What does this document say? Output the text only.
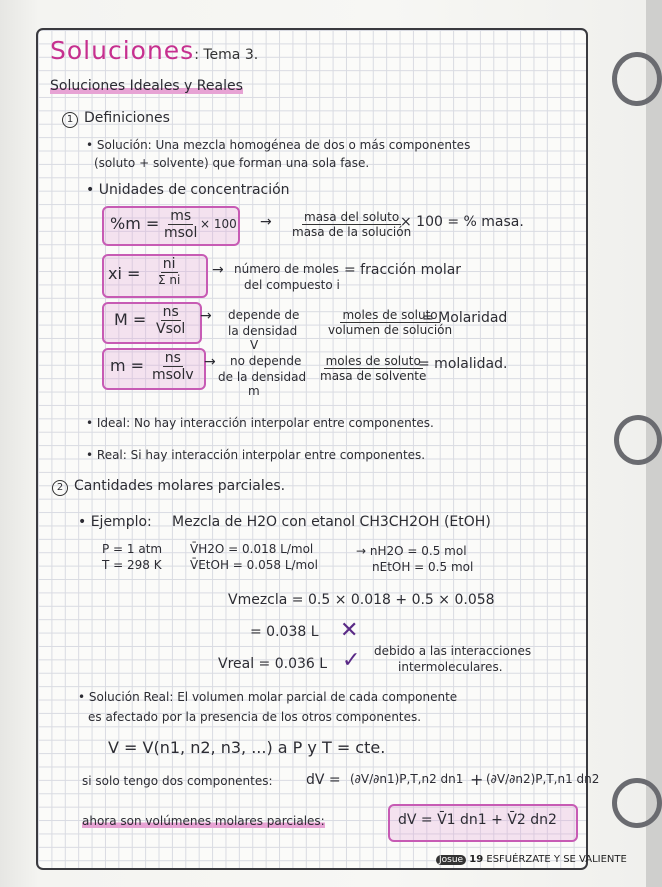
Soluciones: Tema 3.
Soluciones Ideales y Reales
1 Definiciones
• Solución: Una mezcla homogénea de dos o más componentes
(soluto + solvente) que forman una sola fase.
• Unidades de concentración
%m = ms
msol
× 100 →	masa del soluto
masa de la solución
× 100 = % masa.
xi = $\frac{ni}{\text{Σ ni}}$ → número de moles
del compuesto i
= fracción molar
M = ns
Vsol
→ depende de
la densidad
V
moles de soluto
volumen de solución
= Molaridad
m = ns
msolv
→ no depende
de la densidad
m
moles de soluto
masa de solvente
= molalidad.
• Ideal: No hay interacción interpolar entre componentes.
• Real: Si hay interacción interpolar entre componentes.
2 Cantidades molares parciales.
• Ejemplo: Mezcla de H2O con etanol CH3CH2OH (EtOH)
P = 1 atm
T = 298 K
V̄H2O = 0.018 L/mol
V̄EtOH = 0.058 L/mol
→ nH2O = 0.5 mol
nEtOH = 0.5 mol
Vmezcla = 0.5 × 0.018 + 0.5 × 0.058
= 0.038 L ✕
Vreal = 0.036 L ✓ debido a las interacciones
intermoleculares.
• Solución Real: El volumen molar parcial de cada componente
es afectado por la presencia de los otros componentes.
V = V(n1, n2, n3, ...) a P y T = cte.
si solo tengo dos componentes: dV = (∂V/∂n1)P,T,n2 dn1 + (∂V/∂n2)P,T,n1 dn2
ahora son volúmenes molares parciales:	dV = V̄1 dn1 + V̄2 dn2
Josue 19 ESFUÉRZATE Y SE VALIENTE
